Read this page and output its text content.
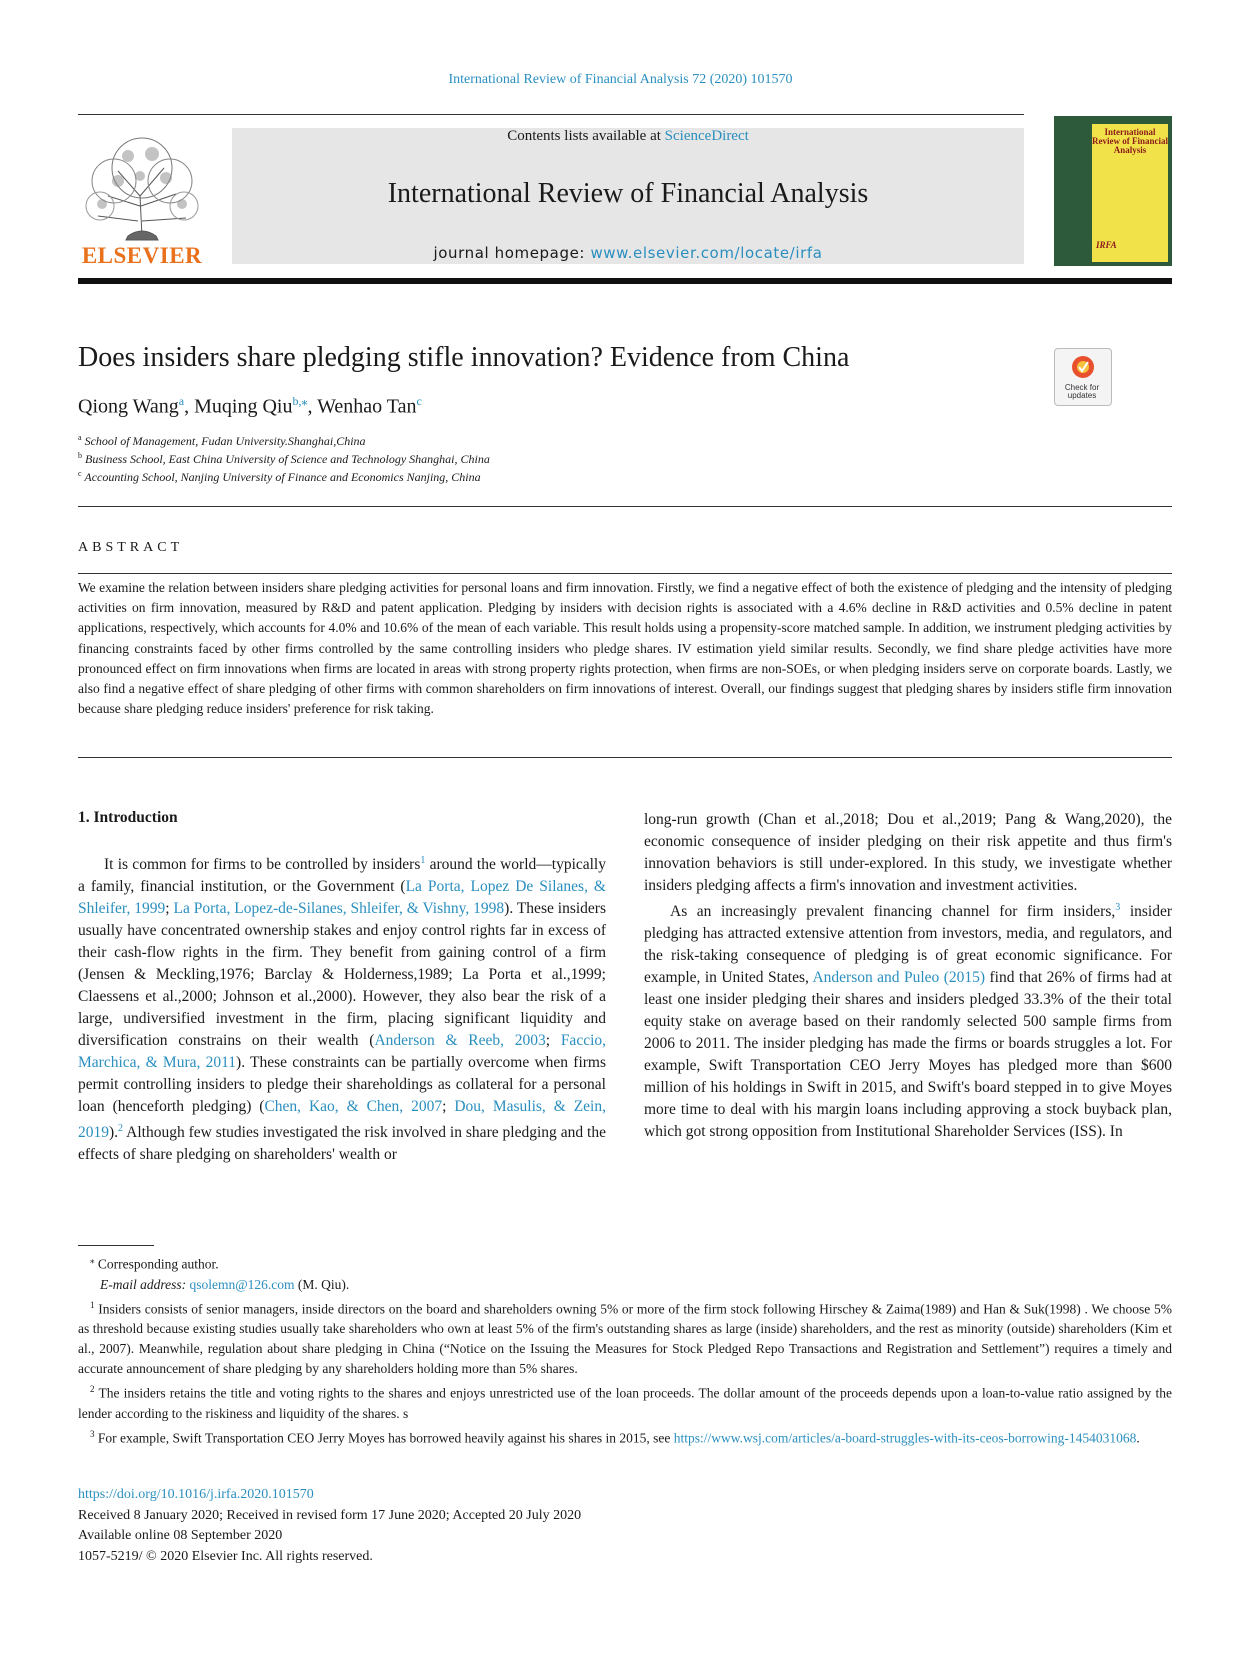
International Review of Financial Analysis 72 (2020) 101570
ELSEVIER
Contents lists available at ScienceDirect
International Review of Financial Analysis
journal homepage: www.elsevier.com/locate/irfa
International Review of Financial Analysis
IRFA
Does insiders share pledging stifle innovation? Evidence from China
Check for updates
Qiong Wang$^a$, Muqing Qiu$^{b,⁎}$, Wenhao Tan$^c$
$^a$ School of Management, Fudan University.Shanghai,China
$^b$ Business School, East China University of Science and Technology Shanghai, China
$^c$ Accounting School, Nanjing University of Finance and Economics Nanjing, China
ABSTRACT
We examine the relation between insiders share pledging activities for personal loans and firm innovation. Firstly, we find a negative effect of both the existence of pledging and the intensity of pledging activities on firm innovation, measured by R&D and patent application. Pledging by insiders with decision rights is associated with a 4.6% decline in R&D activities and 0.5% decline in patent applications, respectively, which accounts for 4.0% and 10.6% of the mean of each variable. This result holds using a propensity-score matched sample. In addition, we instrument pledging activities by financing constraints faced by other firms controlled by the same controlling insiders who pledge shares. IV estimation yield similar results. Secondly, we find share pledge activities have more pronounced effect on firm innovations when firms are located in areas with strong property rights protection, when firms are non-SOEs, or when pledging insiders serve on corporate boards. Lastly, we also find a negative effect of share pledging of other firms with common shareholders on firm innovations of interest. Overall, our findings suggest that pledging shares by insiders stifle firm innovation because share pledging reduce insiders' preference for risk taking.
1. Introduction

It is common for firms to be controlled by insiders$^1$ around the world—typically a family, financial institution, or the Government (La Porta, Lopez De Silanes, & Shleifer, 1999; La Porta, Lopez-de-Silanes, Shleifer, & Vishny, 1998). These insiders usually have concentrated ownership stakes and enjoy control rights far in excess of their cash-flow rights in the firm. They benefit from gaining control of a firm (Jensen & Meckling,1976; Barclay & Holderness,1989; La Porta et al.,1999; Claessens et al.,2000; Johnson et al.,2000). However, they also bear the risk of a large, undiversified investment in the firm, placing significant liquidity and diversification constrains on their wealth (Anderson & Reeb, 2003; Faccio, Marchica, & Mura, 2011). These constraints can be partially overcome when firms permit controlling insiders to pledge their shareholdings as collateral for a personal loan (henceforth pledging) (Chen, Kao, & Chen, 2007; Dou, Masulis, & Zein, 2019).$^2$ Although few studies investigated the risk involved in share pledging and the effects of share pledging on shareholders' wealth or

long-run growth (Chan et al.,2018; Dou et al.,2019; Pang & Wang,2020), the economic consequence of insider pledging on their risk appetite and thus firm's innovation behaviors is still under-explored. In this study, we investigate whether insiders pledging affects a firm's innovation and investment activities.

As an increasingly prevalent financing channel for firm insiders,$^3$ insider pledging has attracted extensive attention from investors, media, and regulators, and the risk-taking consequence of pledging is of great economic significance. For example, in United States, Anderson and Puleo (2015) find that 26% of firms had at least one insider pledging their shares and insiders pledged 33.3% of the their total equity stake on average based on their randomly selected 500 sample firms from 2006 to 2011. The insider pledging has made the firms or boards struggles a lot. For example, Swift Transportation CEO Jerry Moyes has pledged more than $600 million of his holdings in Swift in 2015, and Swift's board stepped in to give Moyes more time to deal with his margin loans including approving a stock buyback plan, which got strong opposition from Institutional Shareholder Services (ISS). In

⁎ Corresponding author.

E-mail address: qsolemn@126.com (M. Qiu).

$^1$ Insiders consists of senior managers, inside directors on the board and shareholders owning 5% or more of the firm stock following Hirschey & Zaima(1989) and Han & Suk(1998) . We choose 5% as threshold because existing studies usually take shareholders who own at least 5% of the firm's outstanding shares as large (inside) shareholders, and the rest as minority (outside) shareholders (Kim et al., 2007). Meanwhile, regulation about share pledging in China (“Notice on the Issuing the Measures for Stock Pledged Repo Transactions and Registration and Settlement”) requires a timely and accurate announcement of share pledging by any shareholders holding more than 5% shares.

$^2$ The insiders retains the title and voting rights to the shares and enjoys unrestricted use of the loan proceeds. The dollar amount of the proceeds depends upon a loan-to-value ratio assigned by the lender according to the riskiness and liquidity of the shares. s

$^3$ For example, Swift Transportation CEO Jerry Moyes has borrowed heavily against his shares in 2015, see https://www.wsj.com/articles/a-board-struggles-with-its-ceos-borrowing-1454031068.

https://doi.org/10.1016/j.irfa.2020.101570
Received 8 January 2020; Received in revised form 17 June 2020; Accepted 20 July 2020
Available online 08 September 2020
1057-5219/ © 2020 Elsevier Inc. All rights reserved.
